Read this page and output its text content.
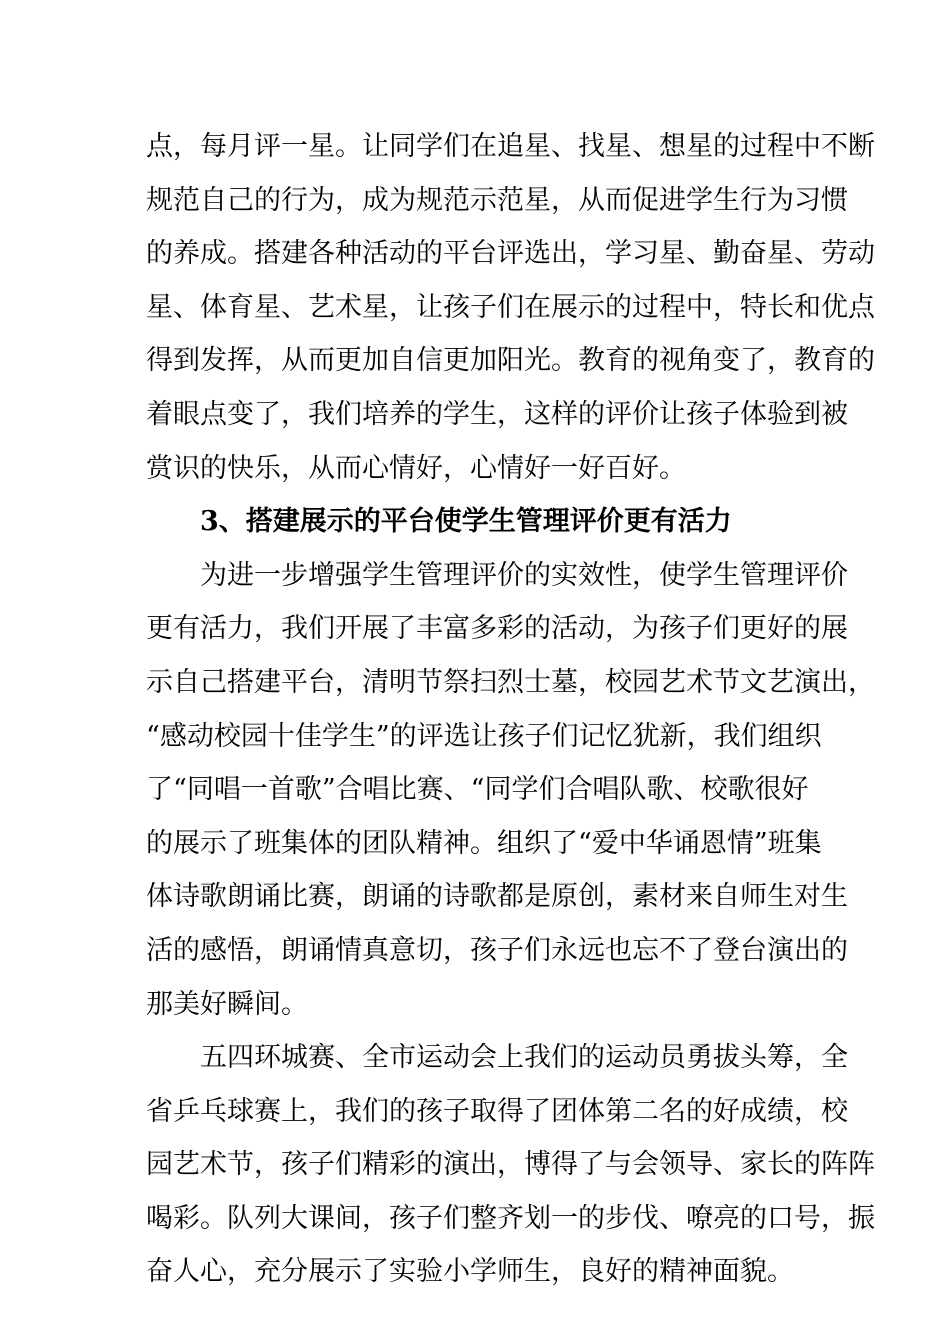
点 ， 每 月 评 一 星 。 让 同 学 们 在 追 星 、 找 星 、 想 星 的 过 程 中 不 断
规 范 自 己 的 行 为 ， 成 为 规 范 示 范 星 ， 从 而 促 进 学 生 行 为 习 惯
的 养 成 。 搭 建 各 种 活 动 的 平 台 评 选 出 ， 学 习 星 、 勤 奋 星 、 劳 动
星 、 体 育 星 、 艺 术 星 ， 让 孩 子 们 在 展 示 的 过 程 中 ， 特 长 和 优 点
得 到 发 挥 ， 从 而 更 加 自 信 更 加 阳 光 。 教 育 的 视 角 变 了 ， 教 育 的
着 眼 点 变 了 ， 我 们 培 养 的 学 生 ， 这 样 的 评 价 让 孩 子 体 验 到 被
赏识的快乐，从而心情好，心情好一好百好。
3、搭建展示的平台使学生管理评价更有活力
为 进 一 步 增 强 学 生 管 理 评 价 的 实 效 性 ， 使 学 生 管 理 评 价
更 有 活 力 ， 我 们 开 展 了 丰 富 多 彩 的 活 动 ， 为 孩 子 们 更 好 的 展
示 自 己 搭 建 平 台 ， 清 明 节 祭 扫 烈 士 墓 ， 校 园 艺 术 节 文 艺 演 出 ，
“ 感 动 校 园 十 佳 学 生 ” 的 评 选 让 孩 子 们 记 忆 犹 新 ， 我 们 组 织
了 “ 同 唱 一 首 歌 ” 合 唱 比 赛 、 “ 同 学 们 合 唱 队 歌 、 校 歌 很 好
的 展 示 了 班 集 体 的 团 队 精 神 。 组 织 了 “ 爱 中 华 诵 恩 情 ” 班 集
体 诗 歌 朗 诵 比 赛 ， 朗 诵 的 诗 歌 都 是 原 创 ， 素 材 来 自 师 生 对 生
活 的 感 悟 ， 朗 诵 情 真 意 切 ， 孩 子 们 永 远 也 忘 不 了 登 台 演 出 的
那美好瞬间。
五 四 环 城 赛 、 全 市 运 动 会 上 我 们 的 运 动 员 勇 拔 头 筹 ， 全
省 乒 乓 球 赛 上 ， 我 们 的 孩 子 取 得 了 团 体 第 二 名 的 好 成 绩 ， 校
园 艺 术 节 ， 孩 子 们 精 彩 的 演 出 ， 博 得 了 与 会 领 导 、 家 长 的 阵 阵
喝 彩 。 队 列 大 课 间 ， 孩 子 们 整 齐 划 一 的 步 伐 、 嘹 亮 的 口 号 ， 振
奋人心，充分展示了实验小学师生，良好的精神面貌。
